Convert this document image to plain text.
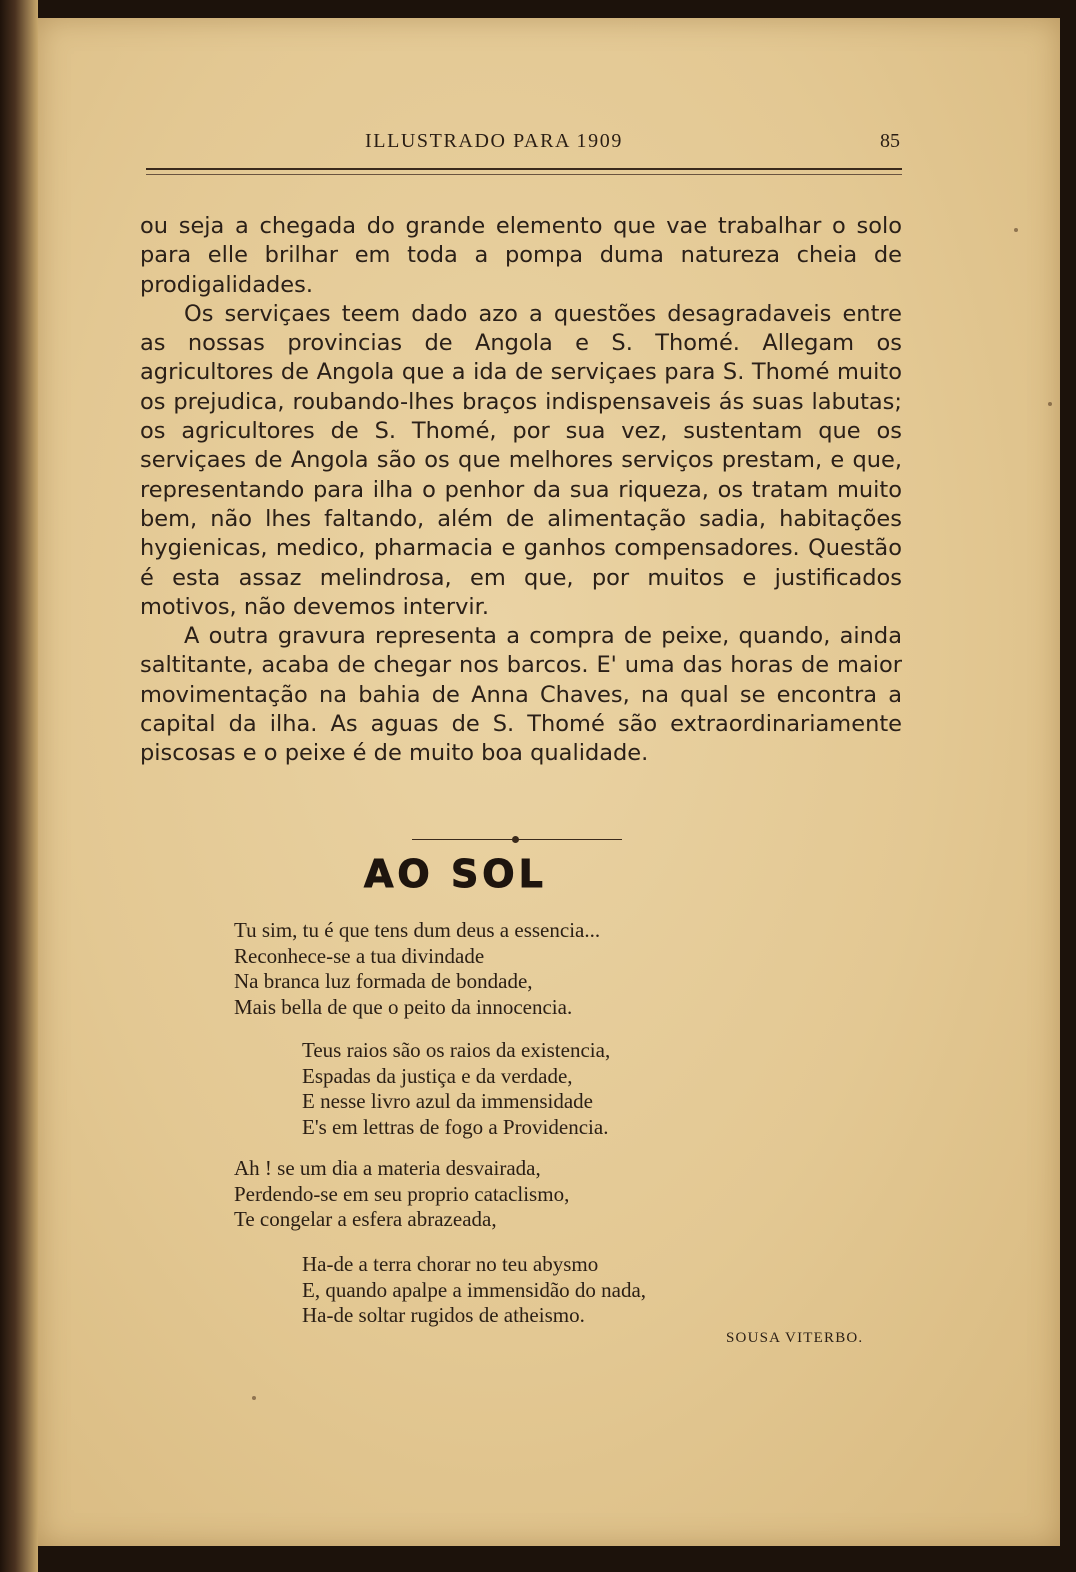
ILLUSTRADO PARA 1909	85

ou seja a chegada do grande elemento que vae trabalhar o solo para elle brilhar em toda a pompa duma natureza cheia de prodigalidades.

Os serviçaes teem dado azo a questões desagradaveis entre as nossas provincias de Angola e S. Thomé. Allegam os agricultores de Angola que a ida de serviçaes para S. Thomé muito os prejudica, roubando-lhes braços indispensaveis ás suas labutas; os agricultores de S. Thomé, por sua vez, sustentam que os serviçaes de Angola são os que melhores serviços prestam, e que, representando para ilha o penhor da sua riqueza, os tratam muito bem, não lhes faltando, além de alimentação sadia, habitações hygienicas, medico, pharmacia e ganhos compensadores. Questão é esta assaz melindrosa, em que, por muitos e justificados motivos, não devemos intervir.

A outra gravura representa a compra de peixe, quando, ainda saltitante, acaba de chegar nos barcos. E' uma das horas de maior movimentação na bahia de Anna Chaves, na qual se encontra a capital da ilha. As aguas de S. Thomé são extraordinariamente piscosas e o peixe é de muito boa qualidade.

AO SOL
Tu sim, tu é que tens dum deus a essencia...
Reconhece-se a tua divindade
Na branca luz formada de bondade,
Mais bella de que o peito da innocencia.
Teus raios são os raios da existencia,
Espadas da justiça e da verdade,
E nesse livro azul da immensidade
E's em lettras de fogo a Providencia.
Ah ! se um dia a materia desvairada,
Perdendo-se em seu proprio cataclismo,
Te congelar a esfera abrazeada,
Ha-de a terra chorar no teu abysmo
E, quando apalpe a immensidão do nada,
Ha-de soltar rugidos de atheismo.
SOUSA VITERBO.
